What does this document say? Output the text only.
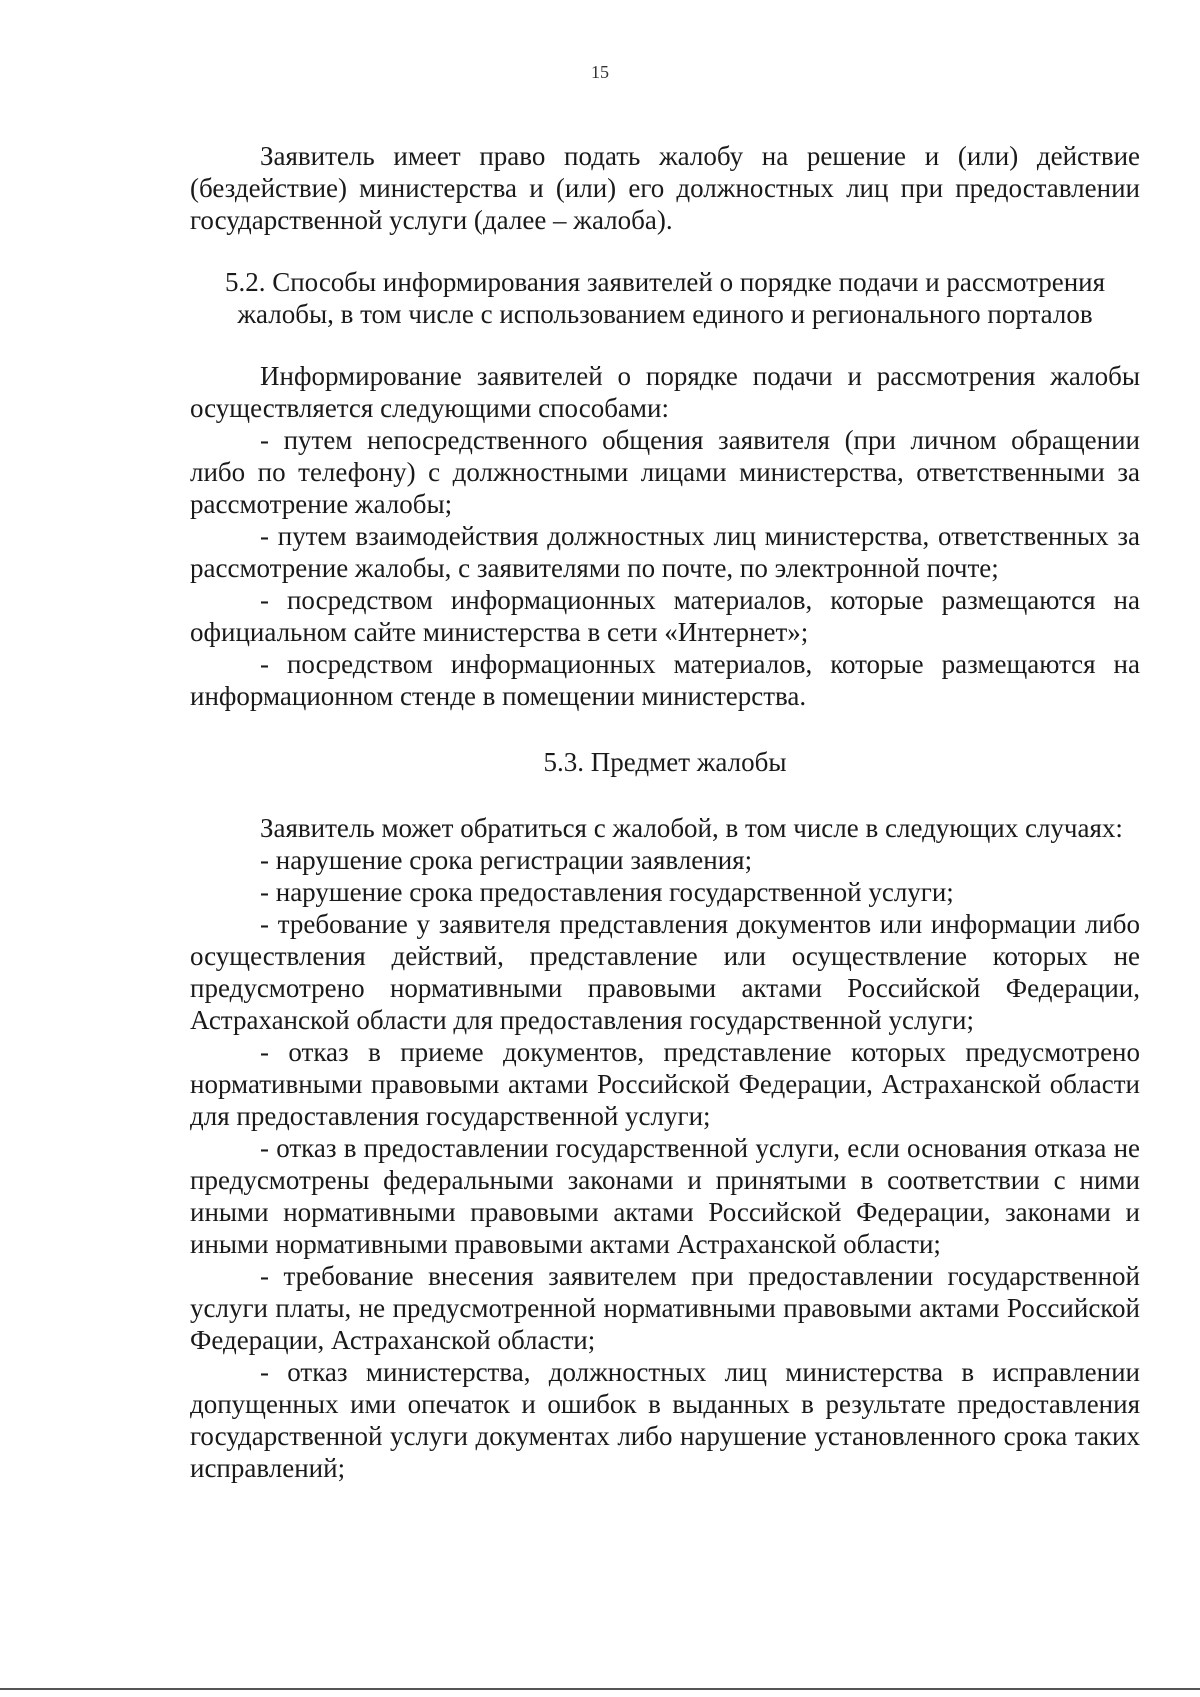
15

Заявитель имеет право подать жалобу на решение и (или) действие (бездействие) министерства и (или) его должностных лиц при предоставлении государственной услуги (далее – жалоба).

5.2. Способы информирования заявителей о порядке подачи и рассмотрения жалобы, в том числе с использованием единого и регионального порталов

Информирование заявителей о порядке подачи и рассмотрения жалобы осуществляется следующими способами:

- путем непосредственного общения заявителя (при личном обращении либо по телефону) с должностными лицами министерства, ответственными за рассмотрение жалобы;

- путем взаимодействия должностных лиц министерства, ответственных за рассмотрение жалобы, с заявителями по почте, по электронной почте;

- посредством информационных материалов, которые размещаются на официальном сайте министерства в сети «Интернет»;

- посредством информационных материалов, которые размещаются на информационном стенде в помещении министерства.

5.3. Предмет жалобы

Заявитель может обратиться с жалобой, в том числе в следующих случаях:

- нарушение срока регистрации заявления;

- нарушение срока предоставления государственной услуги;

- требование у заявителя представления документов или информации либо осуществления действий, представление или осуществление которых не предусмотрено нормативными правовыми актами Российской Федерации, Астраханской области для предоставления государственной услуги;

- отказ в приеме документов, представление которых предусмотрено нормативными правовыми актами Российской Федерации, Астраханской области для предоставления государственной услуги;

- отказ в предоставлении государственной услуги, если основания отказа не предусмотрены федеральными законами и принятыми в соответствии с ними иными нормативными правовыми актами Российской Федерации, законами и иными нормативными правовыми актами Астраханской области;

- требование внесения заявителем при предоставлении государственной услуги платы, не предусмотренной нормативными правовыми актами Российской Федерации, Астраханской области;

- отказ министерства, должностных лиц министерства в исправлении допущенных ими опечаток и ошибок в выданных в результате предоставления государственной услуги документах либо нарушение установленного срока таких исправлений;
